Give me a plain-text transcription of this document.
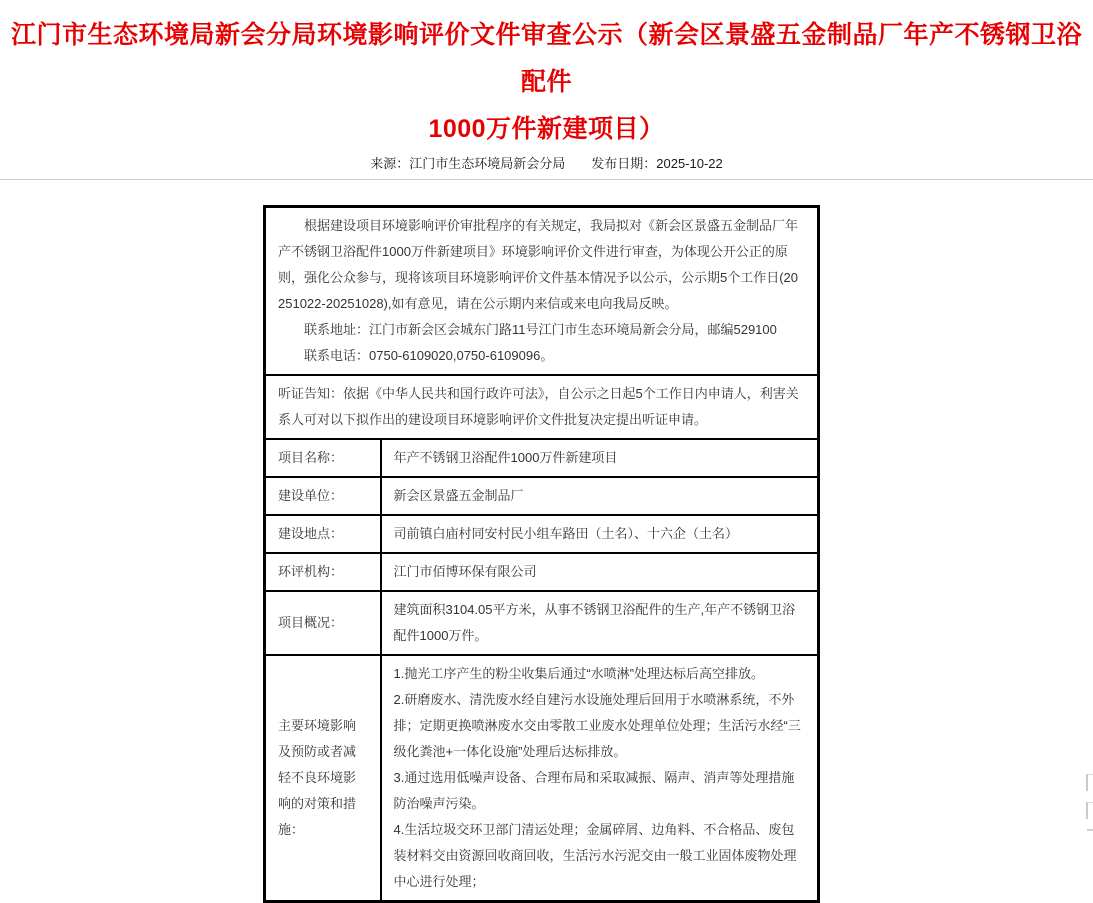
江门市生态环境局新会分局环境影响评价文件审查公示（新会区景盛五金制品厂年产不锈钢卫浴配件
1000万件新建项目）
来源：江门市生态环境局新会分局 发布日期：2025-10-22

根据建设项目环境影响评价审批程序的有关规定，我局拟对《新会区景盛五金制品厂年产不锈钢卫浴配件1000万件新建项目》环境影响评价文件进行审查，为体现公开公正的原则，强化公众参与，现将该项目环境影响评价文件基本情况予以公示，公示期5个工作日(20251022-20251028),如有意见，请在公示期内来信或来电向我局反映。

联系地址：江门市新会区会城东门路11号江门市生态环境局新会分局，邮编529100

联系电话：0750-6109020,0750-6109096。	

听证告知：依据《中华人民共和国行政许可法》，自公示之日起5个工作日内申请人，利害关系人可对以下拟作出的建设项目环境影响评价文件批复决定提出听证申请。	

项目名称：	年产不锈钢卫浴配件1000万件新建项目
建设单位：	新会区景盛五金制品厂
建设地点：	司前镇白庙村同安村民小组车路田（土名）、十六企（土名）
环评机构：	江门市佰博环保有限公司
项目概况：	建筑面积3104.05平方米，从事不锈钢卫浴配件的生产,年产不锈钢卫浴配件1000万件。
主要环境影响及预防或者减轻不良环境影响的对策和措施：	1.抛光工序产生的粉尘收集后通过“水喷淋”处理达标后高空排放。

2.研磨废水、清洗废水经自建污水设施处理后回用于水喷淋系统，不外排；定期更换喷淋废水交由零散工业废水处理单位处理；生活污水经“三级化粪池+一体化设施”处理后达标排放。

3.通过选用低噪声设备、合理布局和采取减振、隔声、消声等处理措施防治噪声污染。

4.生活垃圾交环卫部门清运处理；金属碎屑、边角料、不合格品、废包装材料交由资源回收商回收，生活污水污泥交由一般工业固体废物处理中心进行处理；
